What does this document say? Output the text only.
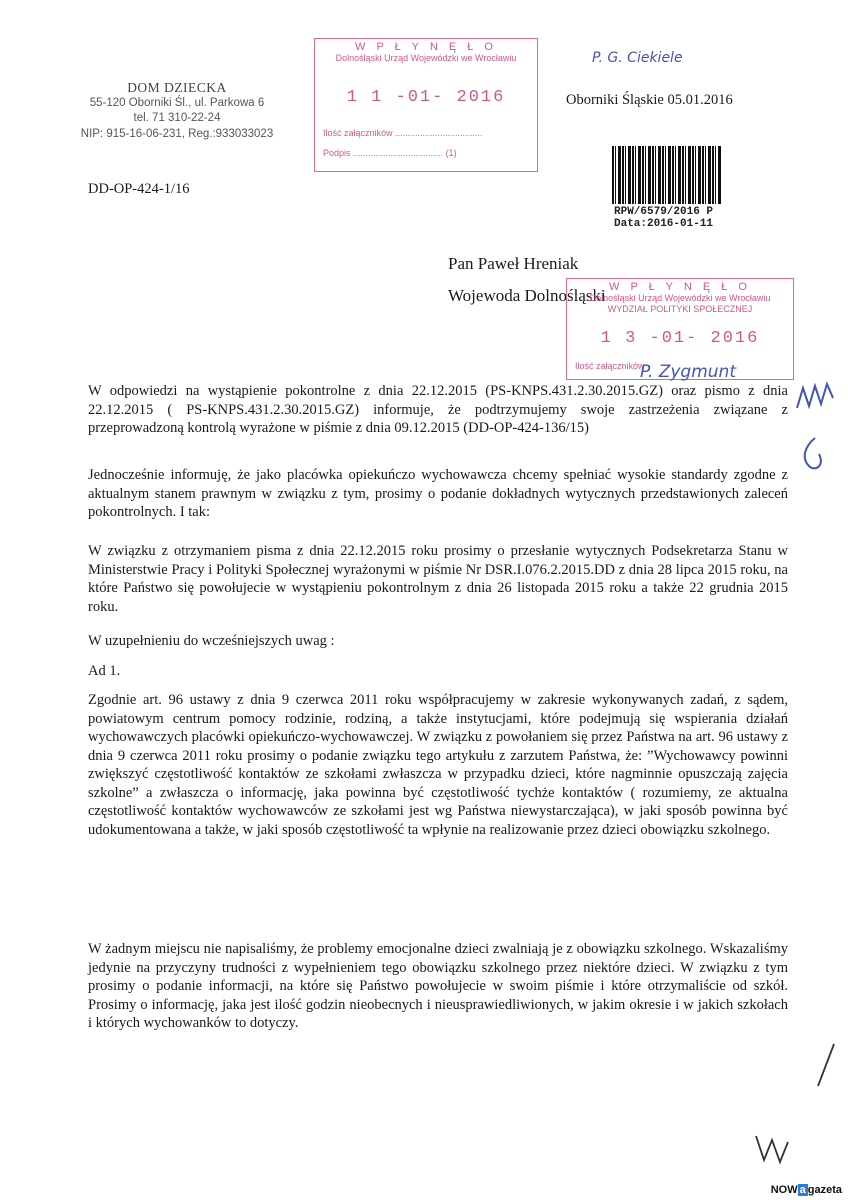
DOM DZIECKA
55-120 Oborniki Śl., ul. Parkowa 6
tel. 71 310-22-24
NIP: 915-16-06-231, Reg.:933033023
W P Ł Y N Ę Ł O
Dolnośląski Urząd Wojewódzki we Wrocławiu
1 1 -01- 2016
Ilość załączników ...................................
Podpis .................................... (1)
P. G. Ciekiele
Oborniki Śląskie 05.01.2016
RPW/6579/2016 P
Data:2016-01-11
DD-OP-424-1/16
Pan Paweł Hreniak
Wojewoda Dolnośląski W P Ł Y N Ę Ł O
Dolnośląski Urząd Wojewódzki we Wrocławiu
WYDZIAŁ POLITYKI SPOŁECZNEJ
1 3 -01- 2016
Ilość załączników
P. Zygmunt
W odpowiedzi na wystąpienie pokontrolne z dnia 22.12.2015 (PS-KNPS.431.2.30.2015.GZ) oraz pismo z dnia 22.12.2015 ( PS-KNPS.431.2.30.2015.GZ) informuje, że podtrzymujemy swoje zastrzeżenia związane z przeprowadzoną kontrolą wyrażone w piśmie z dnia 09.12.2015 (DD-OP-424-136/15)
Jednocześnie informuję, że jako placówka opiekuńczo wychowawcza chcemy spełniać wysokie standardy zgodne z aktualnym stanem prawnym w związku z tym, prosimy o podanie dokładnych wytycznych przedstawionych zaleceń pokontrolnych. I tak:
W związku z otrzymaniem pisma z dnia 22.12.2015 roku prosimy o przesłanie wytycznych Podsekretarza Stanu w Ministerstwie Pracy i Polityki Społecznej wyrażonymi w piśmie Nr DSR.I.076.2.2015.DD z dnia 28 lipca 2015 roku, na które Państwo się powołujecie w wystąpieniu pokontrolnym z dnia 26 listopada 2015 roku a także 22 grudnia 2015 roku.
W uzupełnieniu do wcześniejszych uwag :
Ad 1.
Zgodnie art. 96 ustawy z dnia 9 czerwca 2011 roku współpracujemy w zakresie wykonywanych zadań, z sądem, powiatowym centrum pomocy rodzinie, rodziną, a także instytucjami, które podejmują się wspierania działań wychowawczych placówki opiekuńczo-wychowawczej. W związku z powołaniem się przez Państwa na art. 96 ustawy z dnia 9 czerwca 2011 roku prosimy o podanie związku tego artykułu z zarzutem Państwa, że: ”Wychowawcy powinni zwiększyć częstotliwość kontaktów ze szkołami zwłaszcza w przypadku dzieci, które nagminnie opuszczają zajęcia szkolne” a zwłaszcza o informację, jaka powinna być częstotliwość tychże kontaktów ( rozumiemy, ze aktualna częstotliwość kontaktów wychowawców ze szkołami jest wg Państwa niewystarczająca), w jaki sposób powinna być udokumentowana a także, w jaki sposób częstotliwość ta wpłynie na realizowanie przez dzieci obowiązku szkolnego.
W żadnym miejscu nie napisaliśmy, że problemy emocjonalne dzieci zwalniają je z obowiązku szkolnego. Wskazaliśmy jedynie na przyczyny trudności z wypełnieniem tego obowiązku szkolnego przez niektóre dzieci. W związku z tym prosimy o podanie informacji, na które się Państwo powołujecie w swoim piśmie i które otrzymaliście od szkół. Prosimy o informację, jaka jest ilość godzin nieobecnych i nieusprawiedliwionych, w jakim okresie i w jakich szkołach i których wychowanków to dotyczy.
NOW a gazeta
